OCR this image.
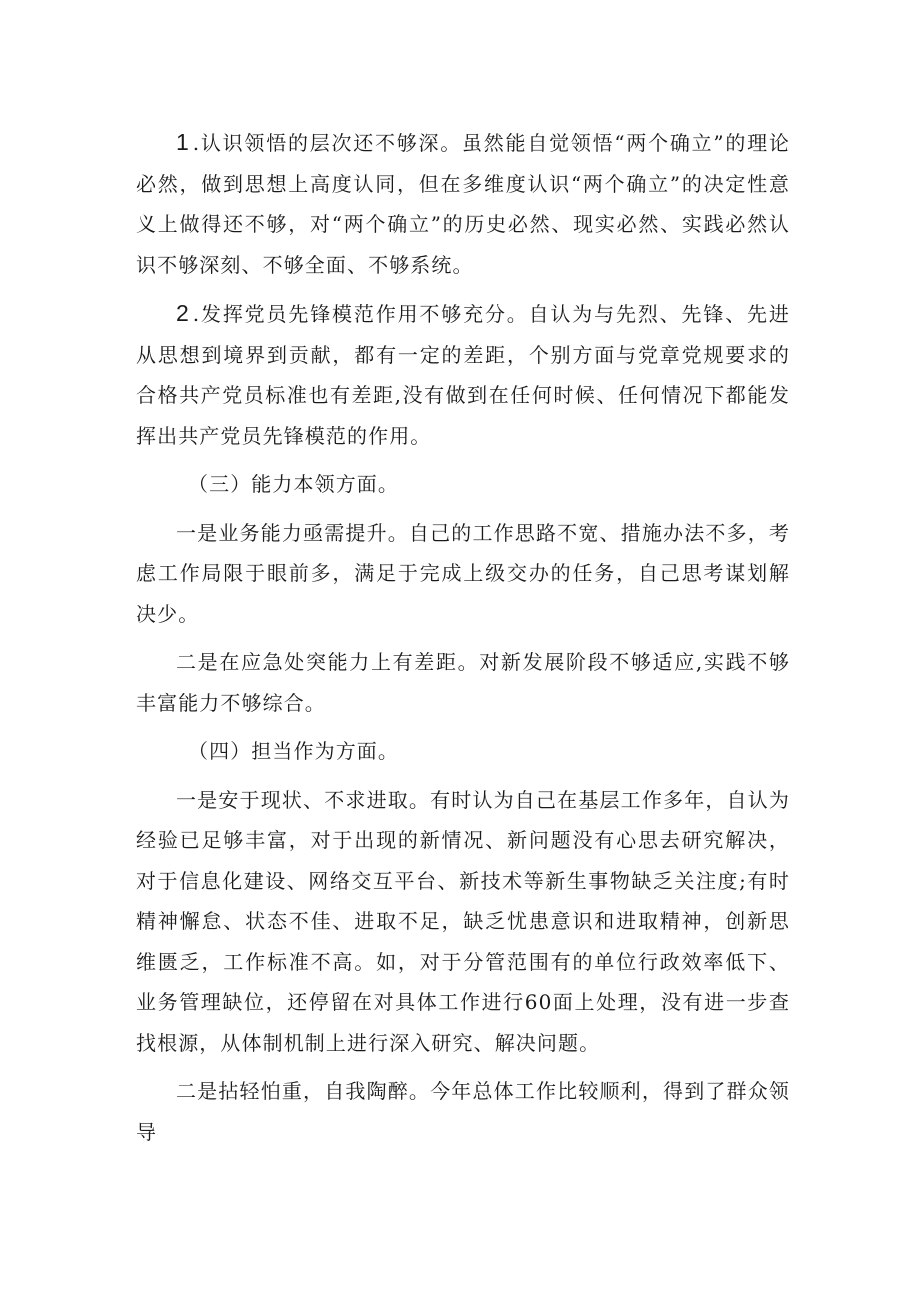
1 .认识领悟的层次还不够深。虽然能自觉领悟“两个确立”的理论必然，做到思想上高度认同，但在多维度认识“两个确立”的决定性意义上做得还不够，对“两个确立”的历史必然、现实必然、实践必然认识不够深刻、不够全面、不够系统。

2 .发挥党员先锋模范作用不够充分。自认为与先烈、先锋、先进从思想到境界到贡献，都有一定的差距，个别方面与党章党规要求的合格共产党员标准也有差距,没有做到在任何时候、任何情况下都能发挥出共产党员先锋模范的作用。

（三）能力本领方面。

一是业务能力亟需提升。自己的工作思路不宽、措施办法不多，考虑工作局限于眼前多，满足于完成上级交办的任务，自己思考谋划解决少。

二是在应急处突能力上有差距。对新发展阶段不够适应,实践不够丰富能力不够综合。

（四）担当作为方面。

一是安于现状、不求进取。有时认为自己在基层工作多年，自认为经验已足够丰富，对于出现的新情况、新问题没有心思去研究解决，对于信息化建设、网络交互平台、新技术等新生事物缺乏关注度;有时精神懈怠、状态不佳、进取不足，缺乏忧患意识和进取精神，创新思维匮乏，工作标准不高。如，对于分管范围有的单位行政效率低下、业务管理缺位，还停留在对具体工作进行60面上处理，没有进一步查找根源，从体制机制上进行深入研究、解决问题。

二是拈轻怕重，自我陶醉。今年总体工作比较顺利，得到了群众领导
